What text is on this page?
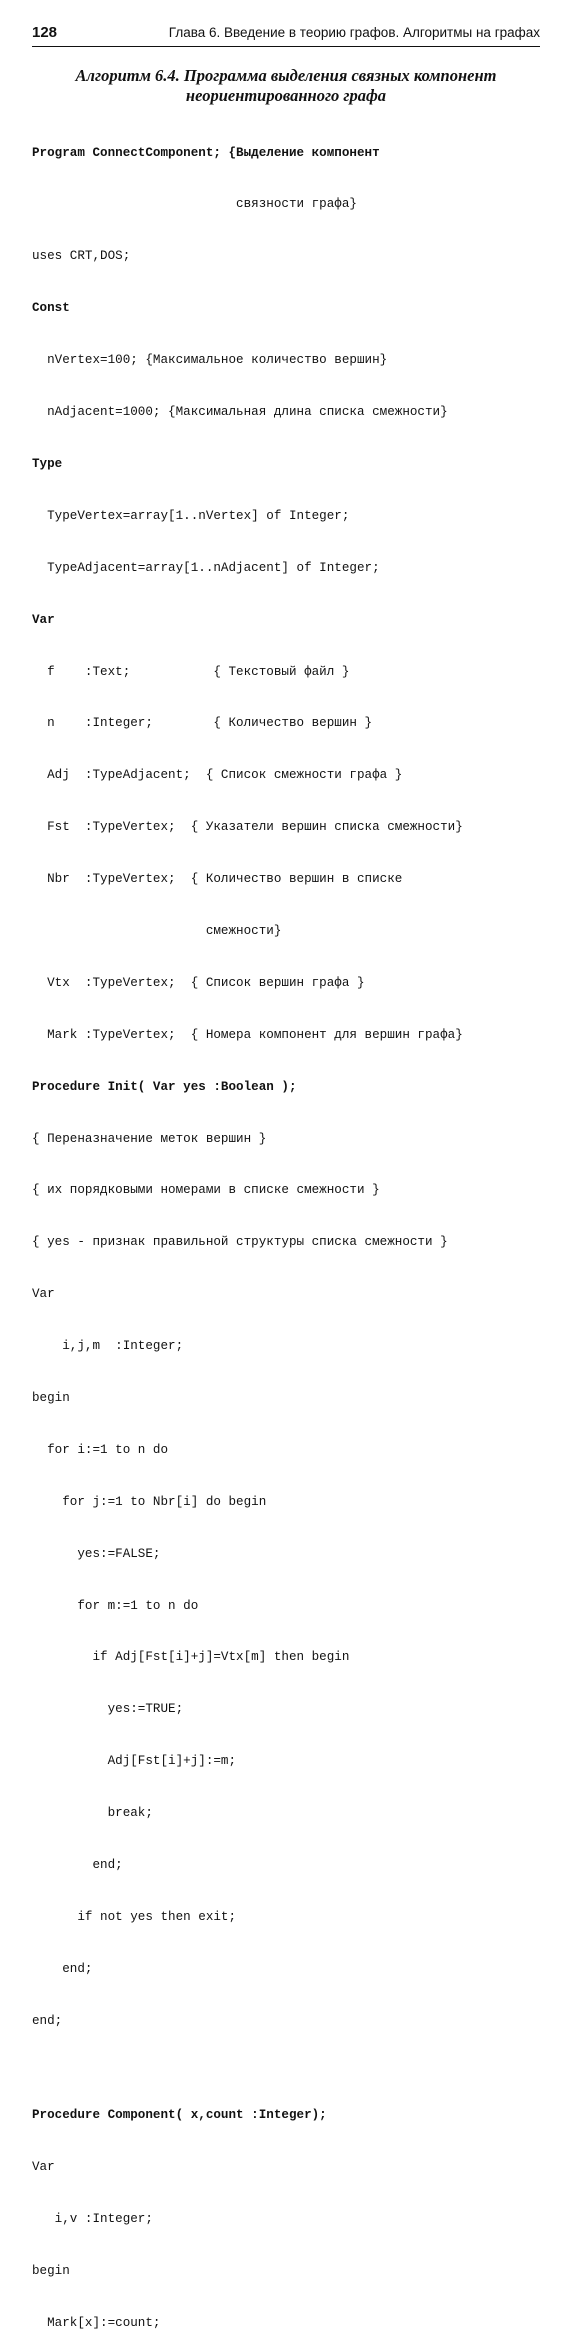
128	Глава 6. Введение в теорию графов. Алгоритмы на графах
Алгоритм 6.4. Программа выделения связных компонент
неориентированного графа

Program ConnectComponent; {Выделение компонент

связности графа}

uses CRT,DOS;

Const

nVertex=100; {Максимальное количество вершин}

nAdjacent=1000; {Максимальная длина списка смежности}

Type

TypeVertex=array[1..nVertex] of Integer;

TypeAdjacent=array[1..nAdjacent] of Integer;

Var

f    :Text;           { Текстовый файл }

n    :Integer;        { Количество вершин }

Adj  :TypeAdjacent;  { Список смежности графа }

Fst  :TypeVertex;  { Указатели вершин списка смежности}

Nbr  :TypeVertex;  { Количество вершин в списке

смежности}

Vtx  :TypeVertex;  { Список вершин графа }

Mark :TypeVertex;  { Номера компонент для вершин графа}

Procedure Init( Var yes :Boolean );

{ Переназначение меток вершин }

{ их порядковыми номерами в списке смежности }

{ yes - признак правильной структуры списка смежности }

Var

i,j,m  :Integer;

begin

for i:=1 to n do

for j:=1 to Nbr[i] do begin

yes:=FALSE;

for m:=1 to n do

if Adj[Fst[i]+j]=Vtx[m] then begin

yes:=TRUE;

Adj[Fst[i]+j]:=m;

break;

end;

if not yes then exit;

end;

end;

Procedure Component( x,count :Integer);

Var

i,v :Integer;

begin

Mark[x]:=count;
